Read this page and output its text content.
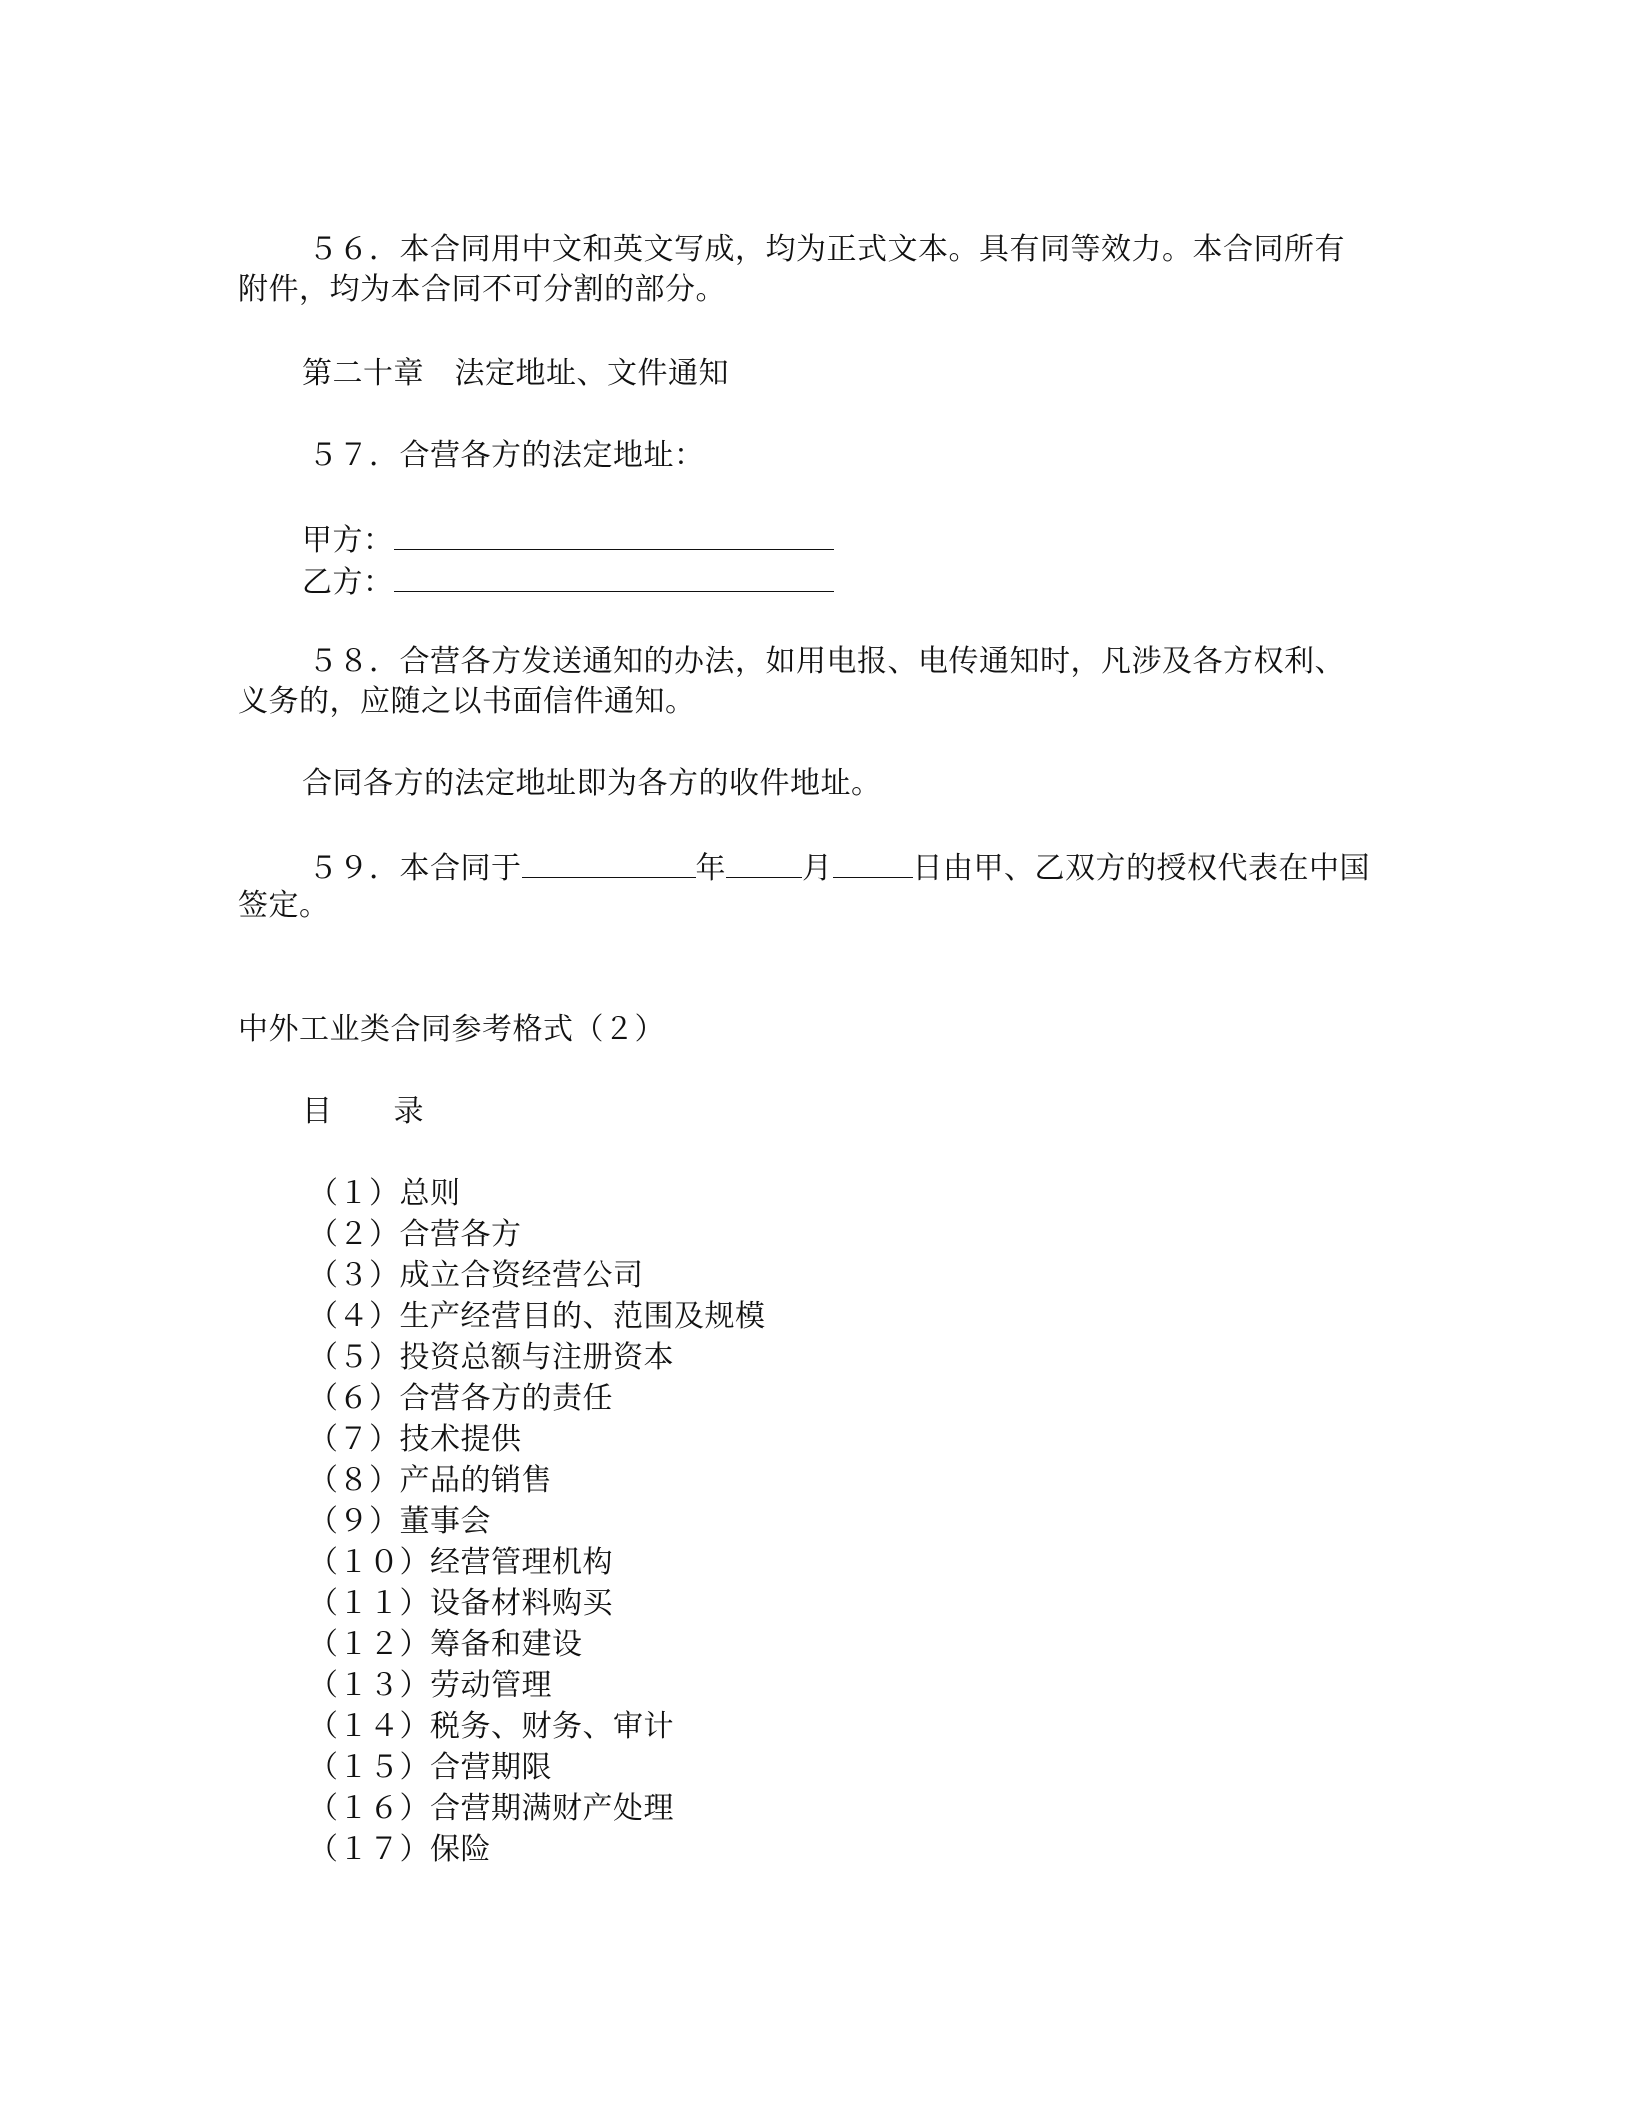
５６．本合同用中文和英文写成，均为正式文本。具有同等效力。本合同所有
附件，均为本合同不可分割的部分。
第二十章　法定地址、文件通知
５７．合营各方的法定地址：
甲方：
乙方：
５８．合营各方发送通知的办法，如用电报、电传通知时，凡涉及各方权利、
义务的，应随之以书面信件通知。
合同各方的法定地址即为各方的收件地址。
５９．本合同于	年	月	日由甲、乙双方的授权代表在中国
签定。
中外工业类合同参考格式（２）
目　　录
（１）总则
（２）合营各方
（３）成立合资经营公司
（４）生产经营目的、范围及规模
（５）投资总额与注册资本
（６）合营各方的责任
（７）技术提供
（８）产品的销售
（９）董事会
（１０）经营管理机构
（１１）设备材料购买
（１２）筹备和建设
（１３）劳动管理
（１４）税务、财务、审计
（１５）合营期限
（１６）合营期满财产处理
（１７）保险
